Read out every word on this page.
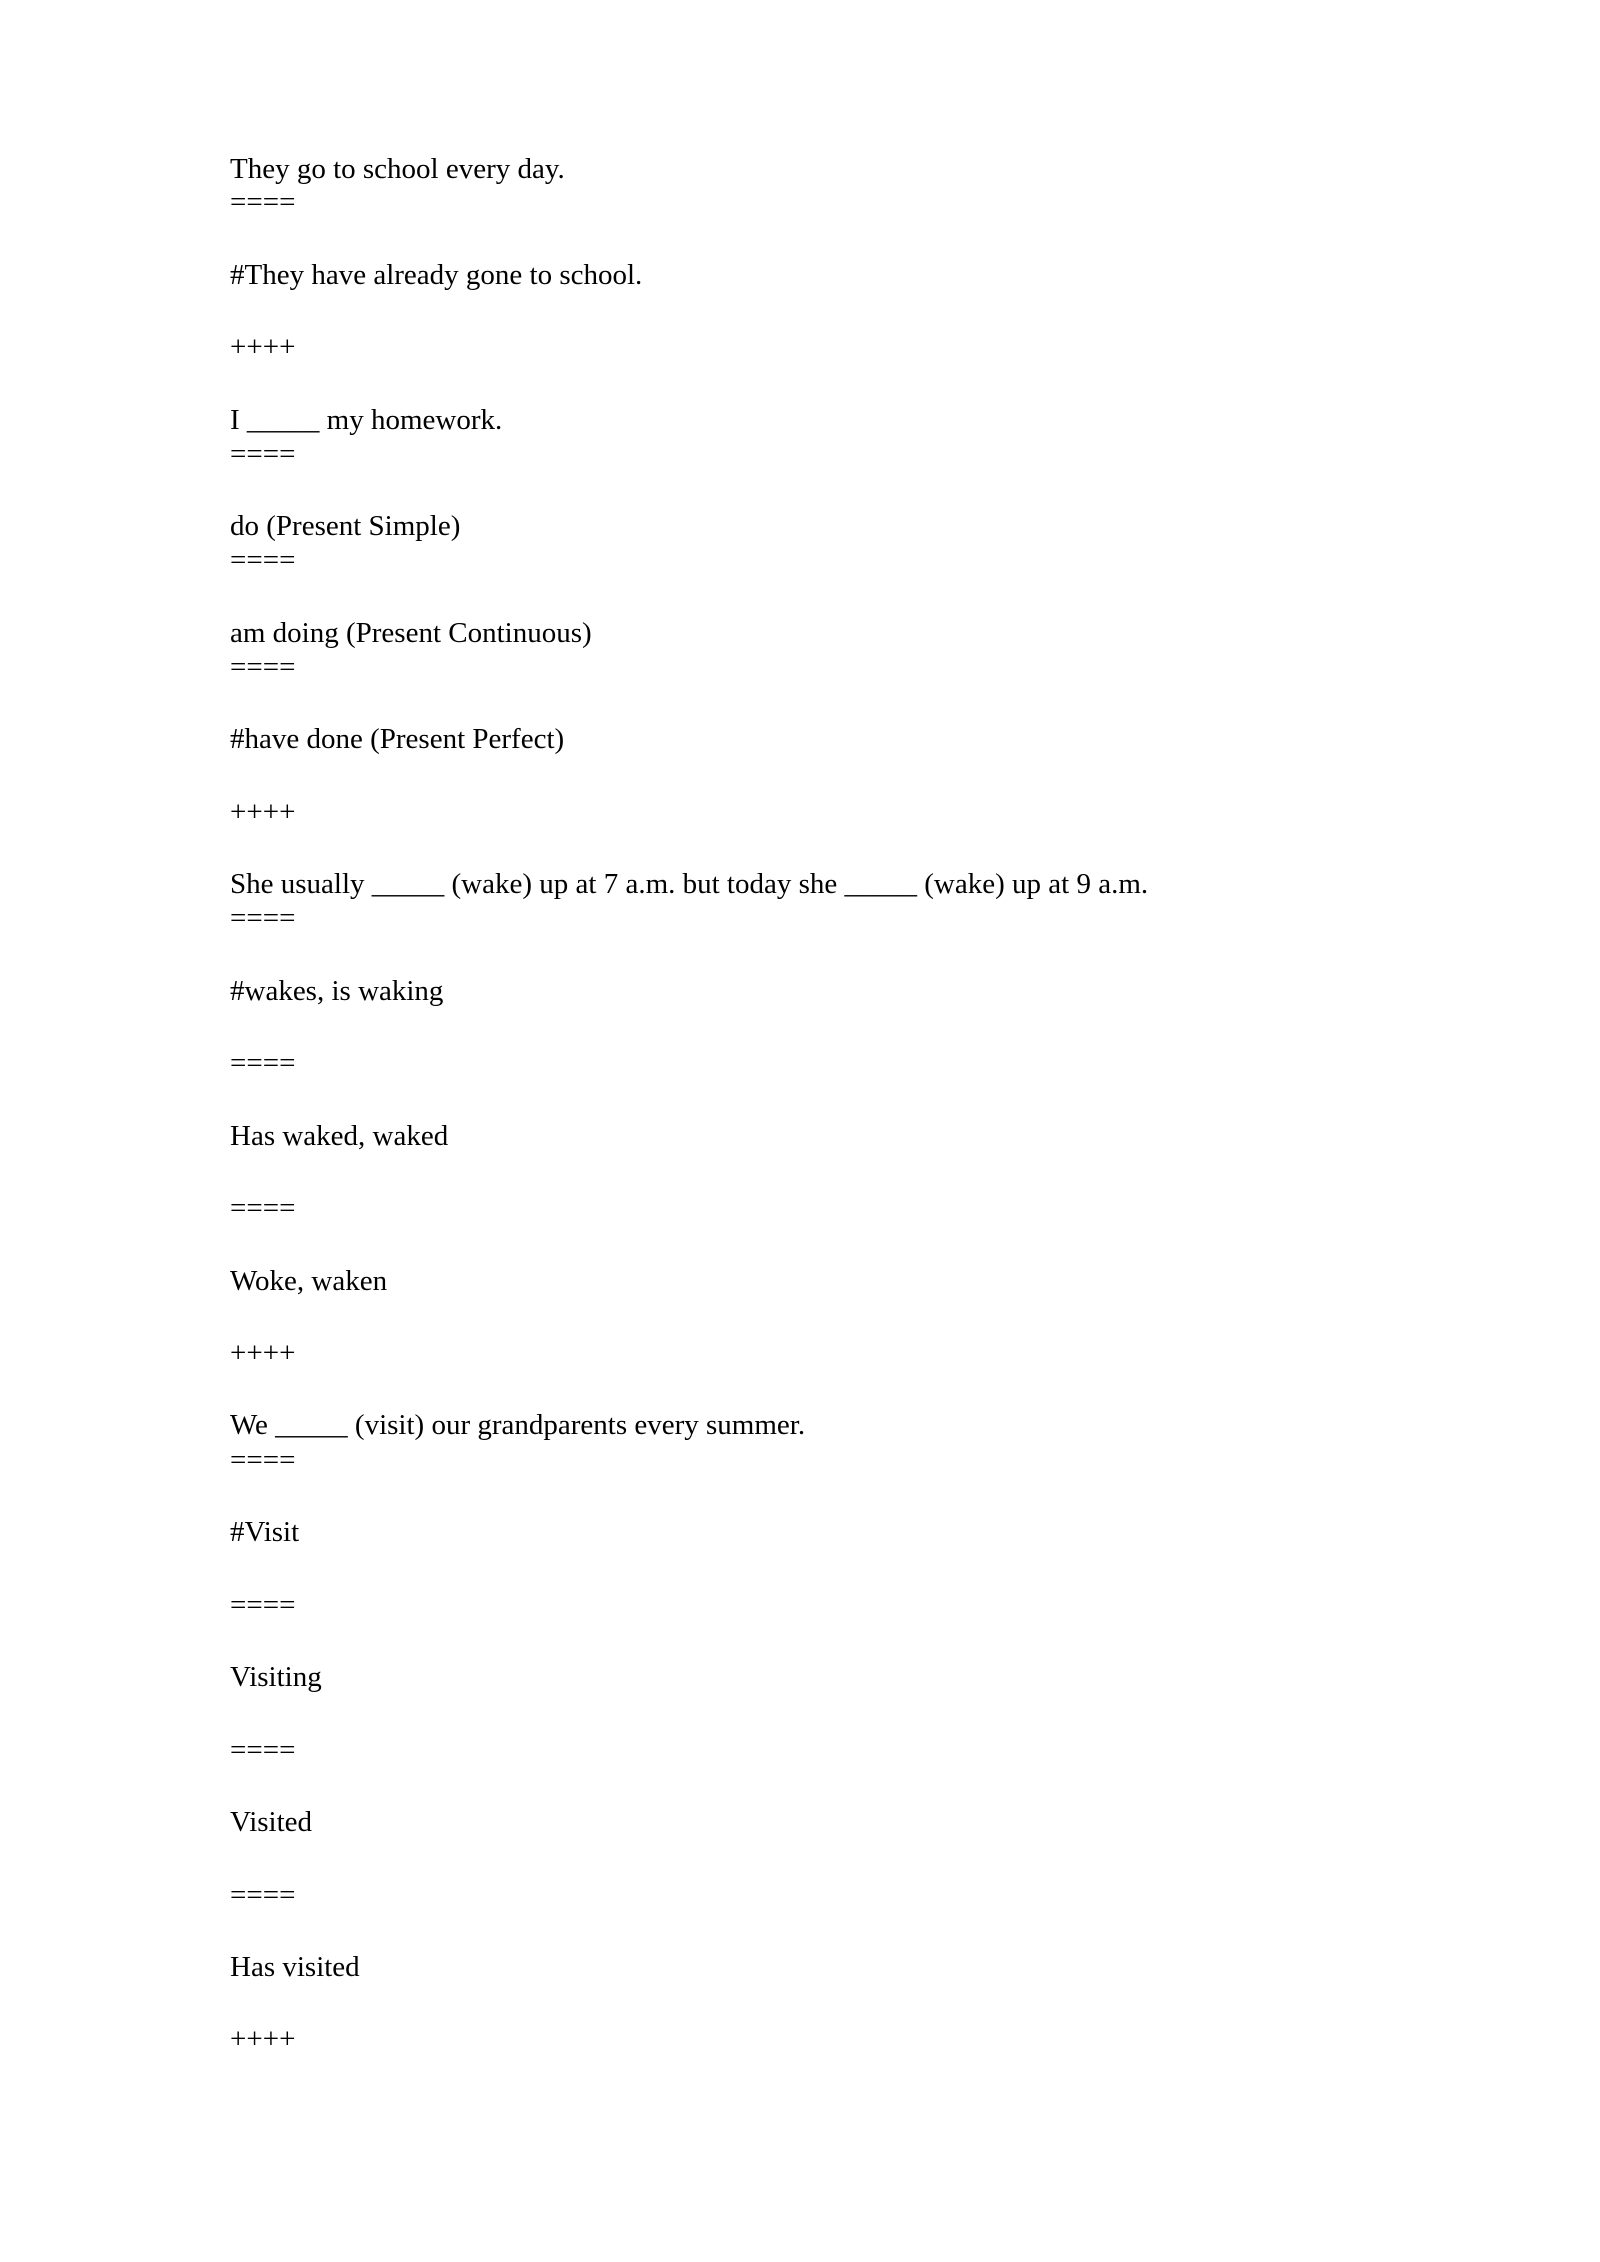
They go to school every day.
====
#They have already gone to school.
++++
I _____ my homework.
====
do (Present Simple)
====
am doing (Present Continuous)
====
#have done (Present Perfect)
++++
She usually _____ (wake) up at 7 a.m. but today she _____ (wake) up at 9 a.m.
====
#wakes, is waking
====
Has waked, waked
====
Woke, waken
++++
We _____ (visit) our grandparents every summer.
====
#Visit
====
Visiting
====
Visited
====
Has visited
++++
